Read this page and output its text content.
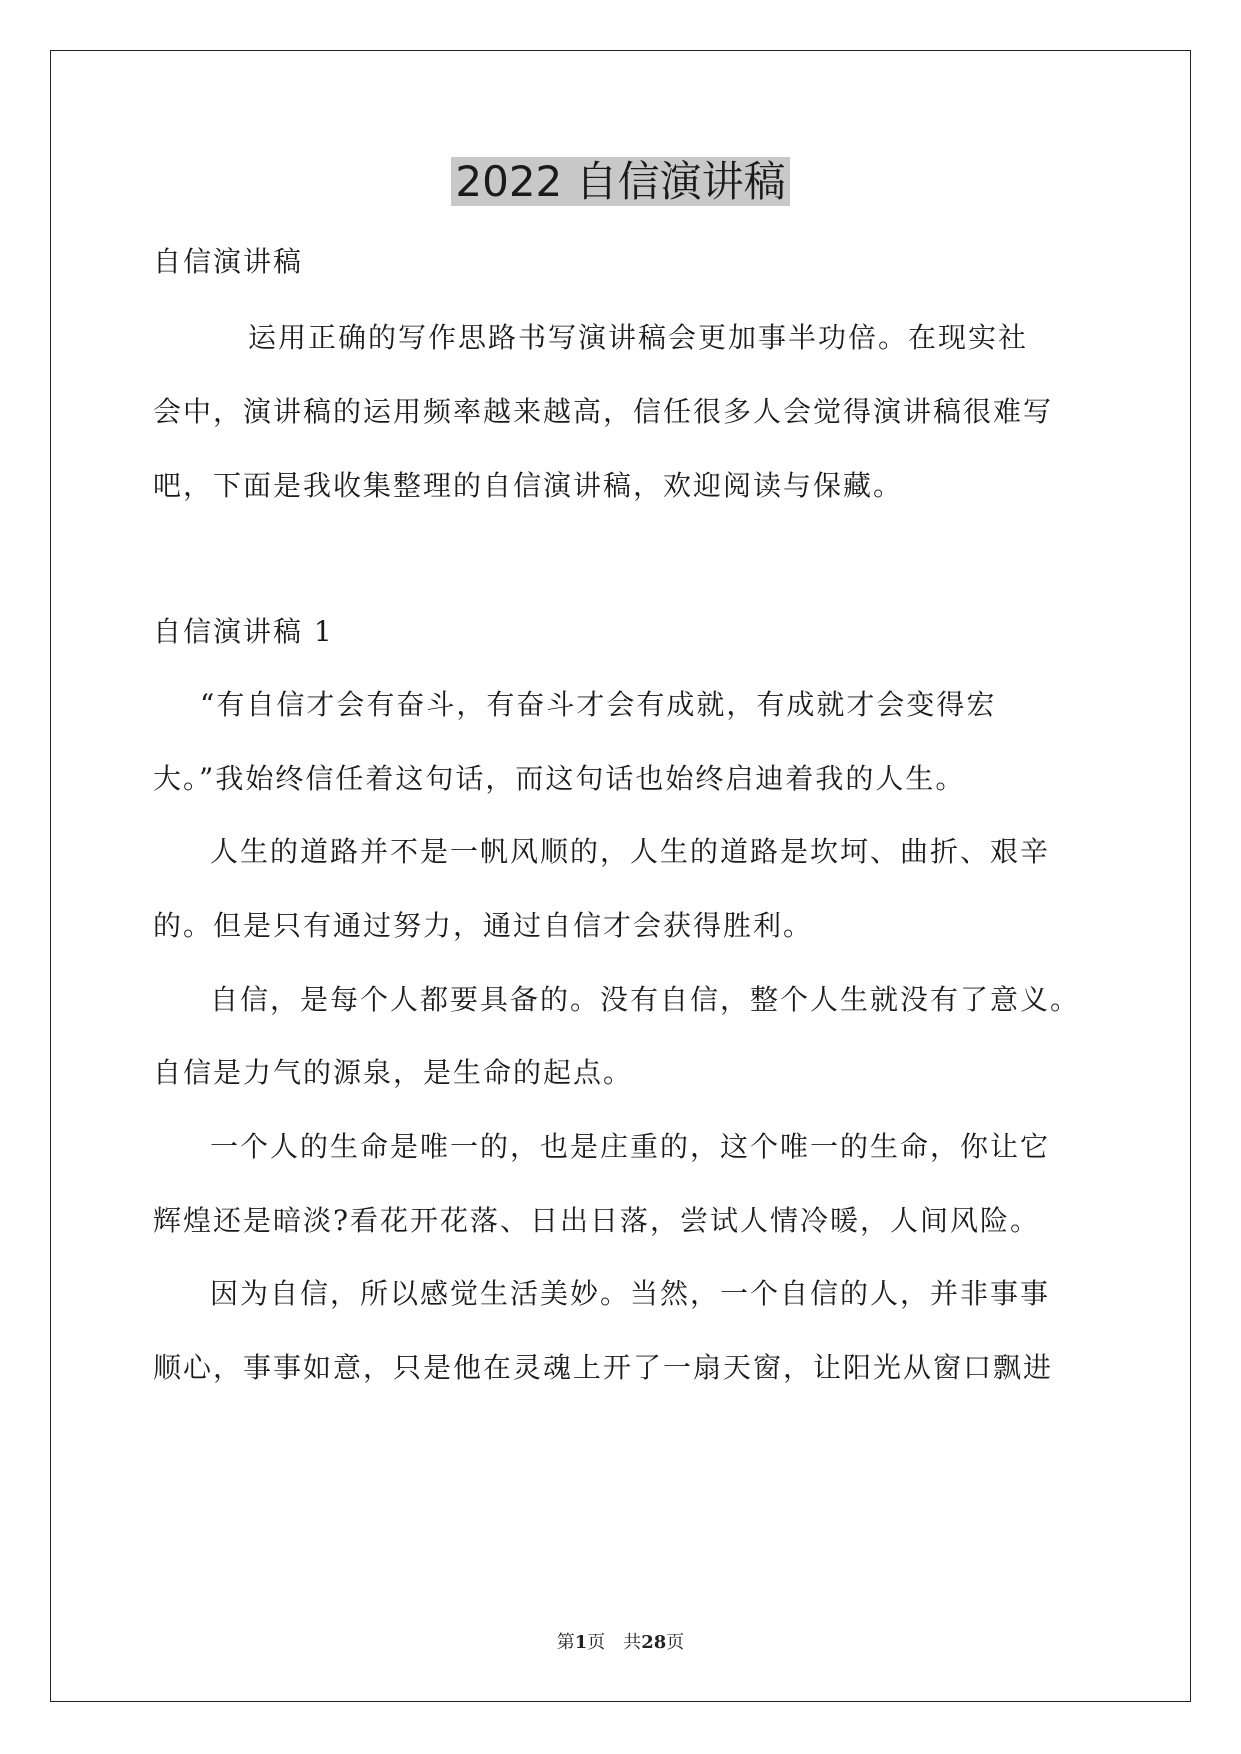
2022 自信演讲稿
自信演讲稿
运用正确的写作思路书写演讲稿会更加事半功倍。在现实社
会中，演讲稿的运用频率越来越高，信任很多人会觉得演讲稿很难写
吧，下面是我收集整理的自信演讲稿，欢迎阅读与保藏。
自信演讲稿 1
“有自信才会有奋斗，有奋斗才会有成就，有成就才会变得宏
大。”我始终信任着这句话，而这句话也始终启迪着我的人生。
人生的道路并不是一帆风顺的，人生的道路是坎坷、曲折、艰辛
的。但是只有通过努力，通过自信才会获得胜利。
自信，是每个人都要具备的。没有自信，整个人生就没有了意义。
自信是力气的源泉，是生命的起点。
一个人的生命是唯一的，也是庄重的，这个唯一的生命，你让它
辉煌还是暗淡?看花开花落、日出日落，尝试人情冷暖，人间风险。
因为自信，所以感觉生活美妙。当然，一个自信的人，并非事事
顺心，事事如意，只是他在灵魂上开了一扇天窗，让阳光从窗口飘进
第1页　共28页
